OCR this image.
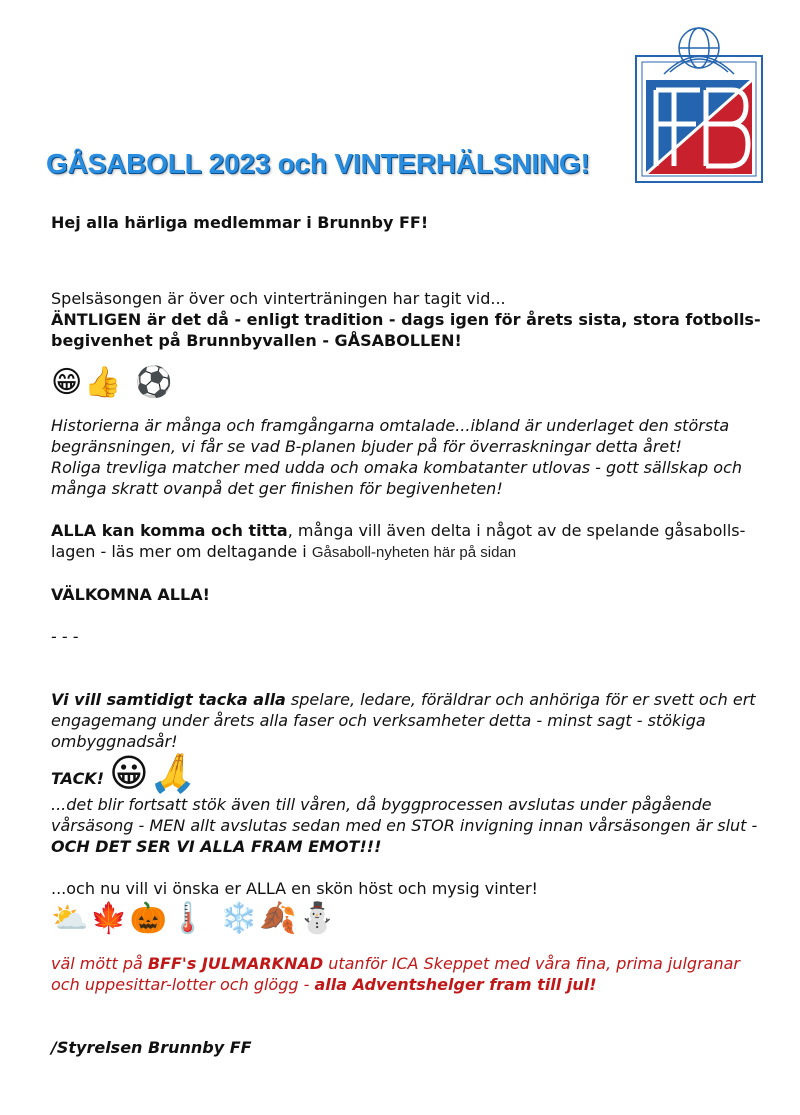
GÅSABOLL 2023 och VINTERHÄLSNING!

Hej alla härliga medlemmar i Brunnby FF!

Spelsäsongen är över och vinterträningen har tagit vid...

ÄNTLIGEN är det då - enligt tradition - dags igen för årets sista, stora fotbolls-begivenhet på Brunnbyvallen - GÅSABOLLEN!

😁👍 ⚽

Historierna är många och framgångarna omtalade...ibland är underlaget den största begränsningen, vi får se vad B-planen bjuder på för överraskningar detta året!

Roliga trevliga matcher med udda och omaka kombatanter utlovas - gott sällskap och många skratt ovanpå det ger finishen för begivenheten!

ALLA kan komma och titta, många vill även delta i något av de spelande gåsabolls-lagen - läs mer om deltagande i Gåsaboll-nyheten här på sidan

VÄLKOMNA ALLA!

- - -

Vi vill samtidigt tacka alla spelare, ledare, föräldrar och anhöriga för er svett och ert engagemang under årets alla faser och verksamheter detta - minst sagt - stökiga ombyggnadsår!

TACK! 😀🙏

...det blir fortsatt stök även till våren, då byggprocessen avslutas under pågående vårsäsong - MEN allt avslutas sedan med en STOR invigning innan vårsäsongen är slut - OCH DET SER VI ALLA FRAM EMOT!!!

...och nu vill vi önska er ALLA en skön höst och mysig vinter!

⛅🍁🎃🌡️ ❄️🍂⛄

väl mött på BFF's JULMARKNAD utanför ICA Skeppet med våra fina, prima julgranar och uppesittar-lotter och glögg - alla Adventshelger fram till jul!

/Styrelsen Brunnby FF
